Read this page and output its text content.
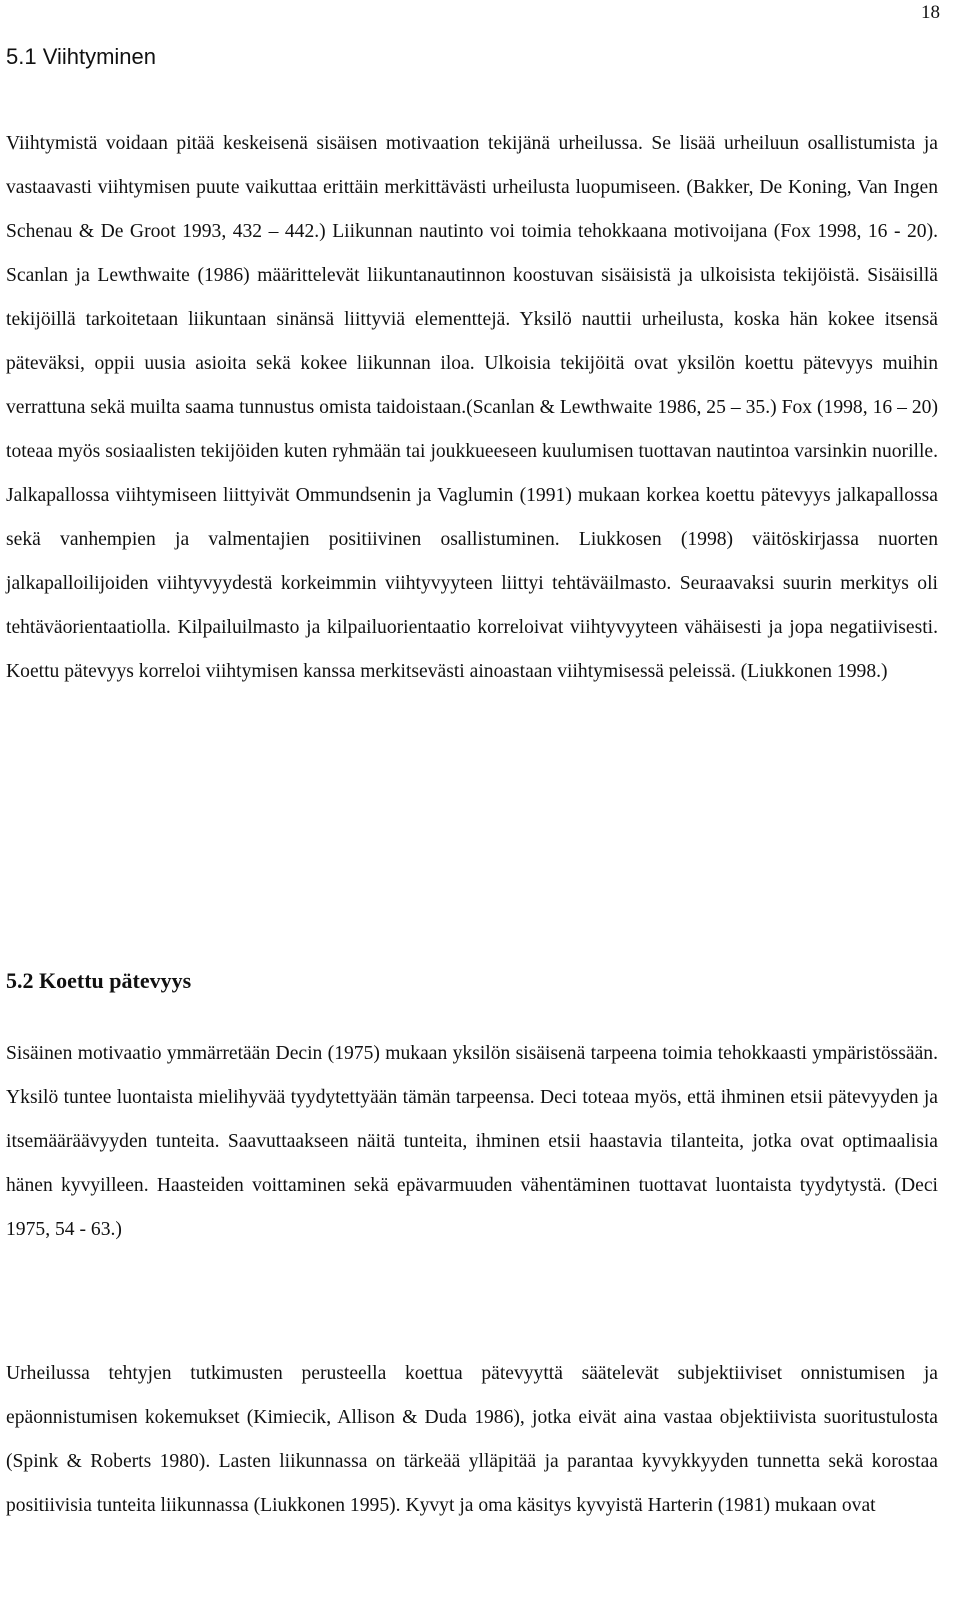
18
5.1 Viihtyminen

Viihtymistä voidaan pitää keskeisenä sisäisen motivaation tekijänä urheilussa. Se lisää urheiluun osallistumista ja vastaavasti viihtymisen puute vaikuttaa erittäin merkittävästi urheilusta luopumiseen. (Bakker, De Koning, Van Ingen Schenau & De Groot 1993, 432 – 442.) Liikunnan nautinto voi toimia tehokkaana motivoijana (Fox 1998, 16 - 20). Scanlan ja Lewthwaite (1986) määrittelevät liikuntanautinnon koostuvan sisäisistä ja ulkoisista tekijöistä. Sisäisillä tekijöillä tarkoitetaan liikuntaan sinänsä liittyviä elementtejä. Yksilö nauttii urheilusta, koska hän kokee itsensä päteväksi, oppii uusia asioita sekä kokee liikunnan iloa. Ulkoisia tekijöitä ovat yksilön koettu pätevyys muihin verrattuna sekä muilta saama tunnustus omista taidoistaan.(Scanlan & Lewthwaite 1986, 25 – 35.) Fox (1998, 16 – 20) toteaa myös sosiaalisten tekijöiden kuten ryhmään tai joukkueeseen kuulumisen tuottavan nautintoa varsinkin nuorille. Jalkapallossa viihtymiseen liittyivät Ommundsenin ja Vaglumin (1991) mukaan korkea koettu pätevyys jalkapallossa sekä vanhempien ja valmentajien positiivinen osallistuminen. Liukkosen (1998) väitöskirjassa nuorten jalkapalloilijoiden viihtyvyydestä korkeimmin viihtyvyyteen liittyi tehtäväilmasto. Seuraavaksi suurin merkitys oli tehtäväorientaatiolla. Kilpailuilmasto ja kilpailuorientaatio korreloivat viihtyvyyteen vähäisesti ja jopa negatiivisesti. Koettu pätevyys korreloi viihtymisen kanssa merkitsevästi ainoastaan viihtymisessä peleissä. (Liukkonen 1998.)

5.2 Koettu pätevyys

Sisäinen motivaatio ymmärretään Decin (1975) mukaan yksilön sisäisenä tarpeena toimia tehokkaasti ympäristössään. Yksilö tuntee luontaista mielihyvää tyydytettyään tämän tarpeensa. Deci toteaa myös, että ihminen etsii pätevyyden ja itsemääräävyyden tunteita. Saavuttaakseen näitä tunteita, ihminen etsii haastavia tilanteita, jotka ovat optimaalisia hänen kyvyilleen. Haasteiden voittaminen sekä epävarmuuden vähentäminen tuottavat luontaista tyydytystä. (Deci 1975, 54 - 63.)

Urheilussa tehtyjen tutkimusten perusteella koettua pätevyyttä säätelevät subjektiiviset onnistumisen ja epäonnistumisen kokemukset (Kimiecik, Allison & Duda 1986), jotka eivät aina vastaa objektiivista suoritustulosta (Spink & Roberts 1980). Lasten liikunnassa on tärkeää ylläpitää ja parantaa kyvykkyyden tunnetta sekä korostaa positiivisia tunteita liikunnassa (Liukkonen 1995). Kyvyt ja oma käsitys kyvyistä Harterin (1981) mukaan ovat
